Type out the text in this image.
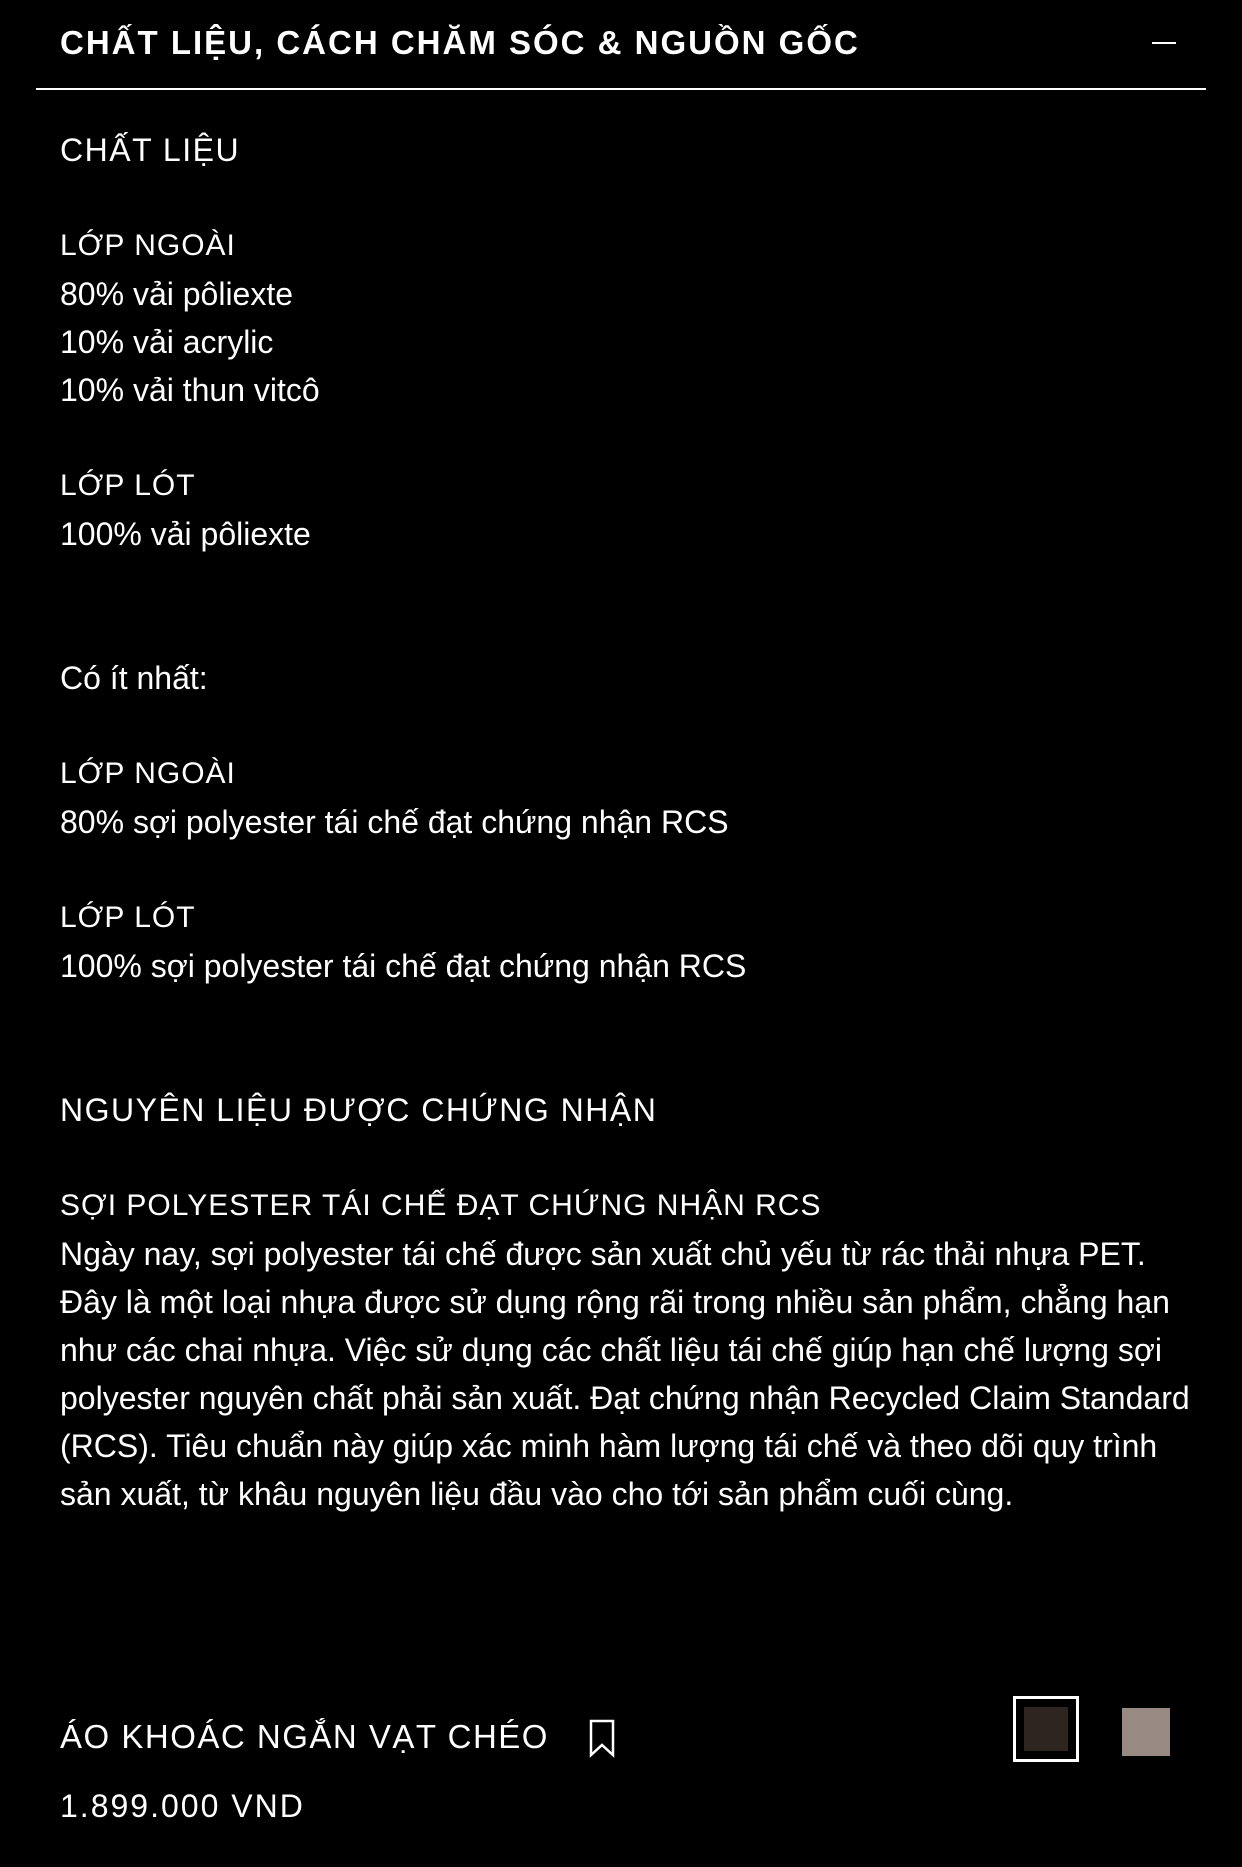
CHẤT LIỆU, CÁCH CHĂM SÓC & NGUỒN GỐC

CHẤT LIỆU

LỚP NGOÀI

80% vải pôliexte

10% vải acrylic

10% vải thun vitcô

LỚP LÓT

100% vải pôliexte

Có ít nhất:

LỚP NGOÀI

80% sợi polyester tái chế đạt chứng nhận RCS

LỚP LÓT

100% sợi polyester tái chế đạt chứng nhận RCS

NGUYÊN LIỆU ĐƯỢC CHỨNG NHẬN

SỢI POLYESTER TÁI CHẾ ĐẠT CHỨNG NHẬN RCS

Ngày nay, sợi polyester tái chế được sản xuất chủ yếu từ rác thải nhựa PET. Đây là một loại nhựa được sử dụng rộng rãi trong nhiều sản phẩm, chẳng hạn như các chai nhựa. Việc sử dụng các chất liệu tái chế giúp hạn chế lượng sợi polyester nguyên chất phải sản xuất. Đạt chứng nhận Recycled Claim Standard (RCS). Tiêu chuẩn này giúp xác minh hàm lượng tái chế và theo dõi quy trình sản xuất, từ khâu nguyên liệu đầu vào cho tới sản phẩm cuối cùng.

ÁO KHOÁC NGẮN VẠT CHÉO
1.899.000 VND
